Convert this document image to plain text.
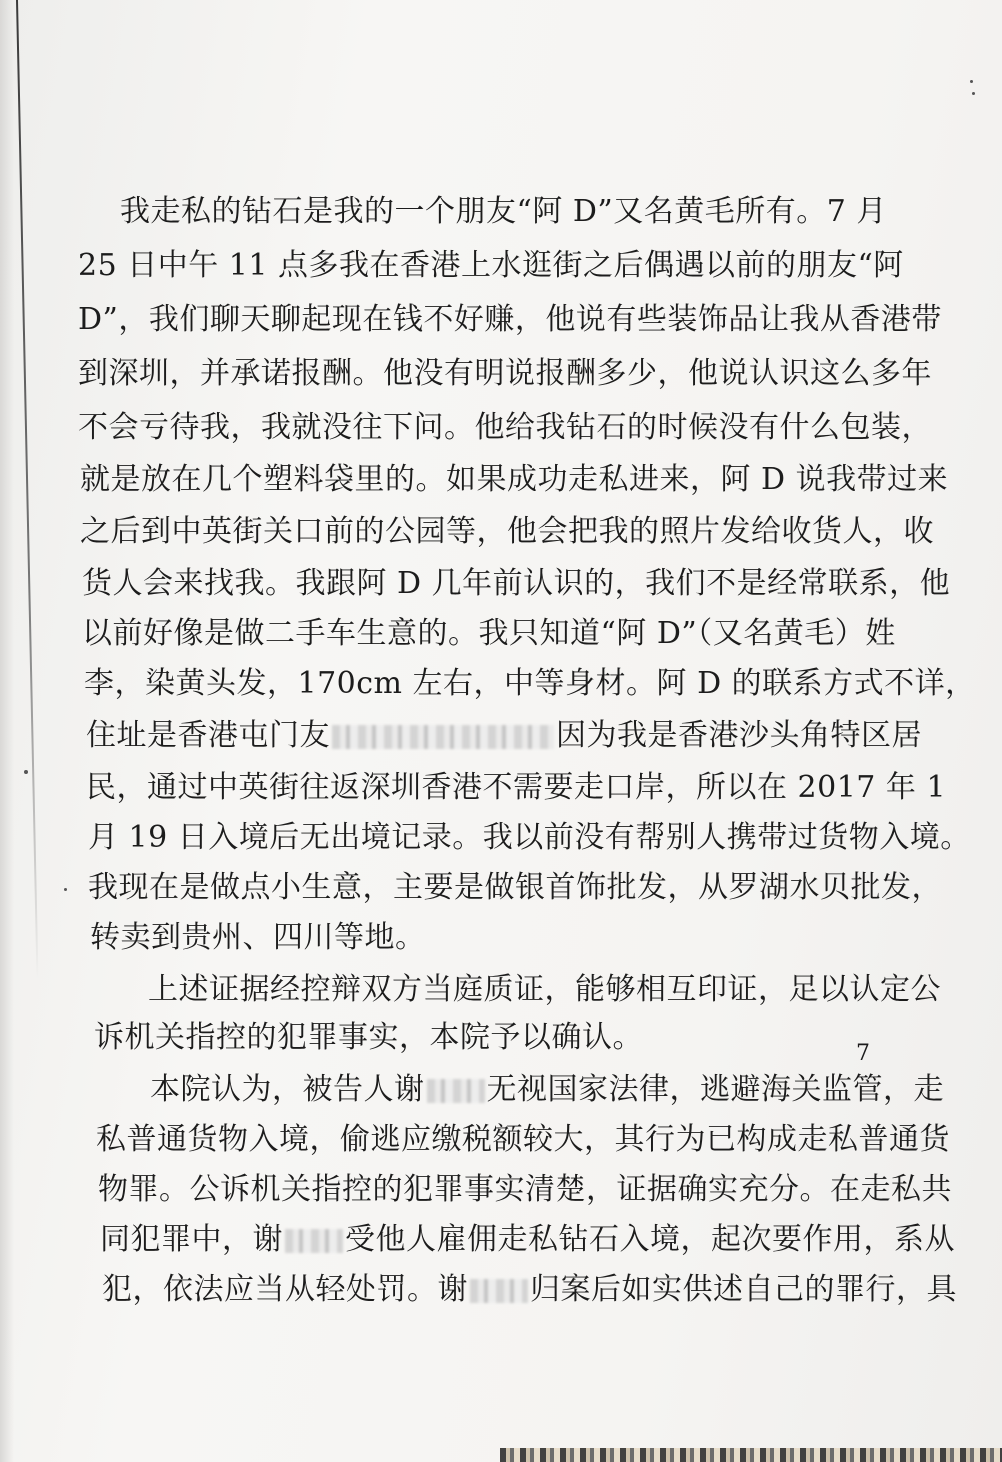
我走私的钻石是我的一个朋友“阿 D”又名黄毛所有。7 月
25 日中午 11 点多我在香港上水逛街之后偶遇以前的朋友“阿
D”，我们聊天聊起现在钱不好赚，他说有些装饰品让我从香港带
到深圳，并承诺报酬。他没有明说报酬多少，他说认识这么多年
不会亏待我，我就没往下问。他给我钻石的时候没有什么包装，
就是放在几个塑料袋里的。如果成功走私进来，阿 D 说我带过来
之后到中英街关口前的公园等，他会把我的照片发给收货人，收
货人会来找我。我跟阿 D 几年前认识的，我们不是经常联系，他
以前好像是做二手车生意的。我只知道“阿 D”（又名黄毛）姓
李，染黄头发，170cm 左右，中等身材。阿 D 的联系方式不详，
住址是香港屯门友	因为我是香港沙头角特区居
民，通过中英街往返深圳香港不需要走口岸，所以在 2017 年 1
月 19 日入境后无出境记录。我以前没有帮别人携带过货物入境。
我现在是做点小生意，主要是做银首饰批发，从罗湖水贝批发，
转卖到贵州、四川等地。
上述证据经控辩双方当庭质证，能够相互印证，足以认定公
诉机关指控的犯罪事实，本院予以确认。
本院认为，被告人谢 无视国家法律，逃避海关监管，走
私普通货物入境，偷逃应缴税额较大，其行为已构成走私普通货
物罪。公诉机关指控的犯罪事实清楚，证据确实充分。在走私共
同犯罪中，谢 受他人雇佣走私钻石入境，起次要作用，系从
犯，依法应当从轻处罚。谢 归案后如实供述自己的罪行，具
7
